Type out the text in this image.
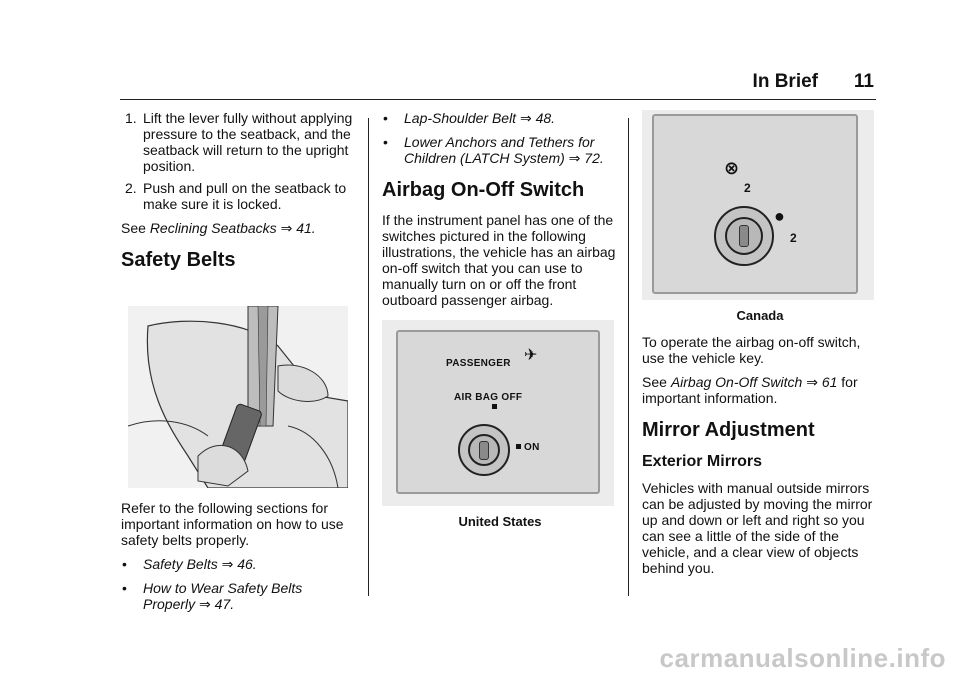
In Brief 11
1. Lift the lever fully without applying pressure to the seatback, and the seatback will return to the upright position.
2. Push and pull on the seatback to make sure it is locked.

See Reclining Seatbacks ⇒ 41.

Safety Belts

Refer to the following sections for important information on how to use safety belts properly.

• Safety Belts ⇒ 46.
• How to Wear Safety Belts Properly ⇒ 47.
• Lap-Shoulder Belt ⇒ 48.
• Lower Anchors and Tethers for Children (LATCH System) ⇒ 72.
Airbag On-Off Switch

If the instrument panel has one of the switches pictured in the following illustrations, the vehicle has an airbag on-off switch that you can use to manually turn on or off the front outboard passenger airbag.

PASSENGER ✈
AIR BAG OFF
ON
United States
⊗
2
●
2
Canada

To operate the airbag on-off switch, use the vehicle key.

See Airbag On-Off Switch ⇒ 61 for important information.

Mirror Adjustment
Exterior Mirrors

Vehicles with manual outside mirrors can be adjusted by moving the mirror up and down or left and right so you can see a little of the side of the vehicle, and a clear view of objects behind you.

carmanualsonline.info
